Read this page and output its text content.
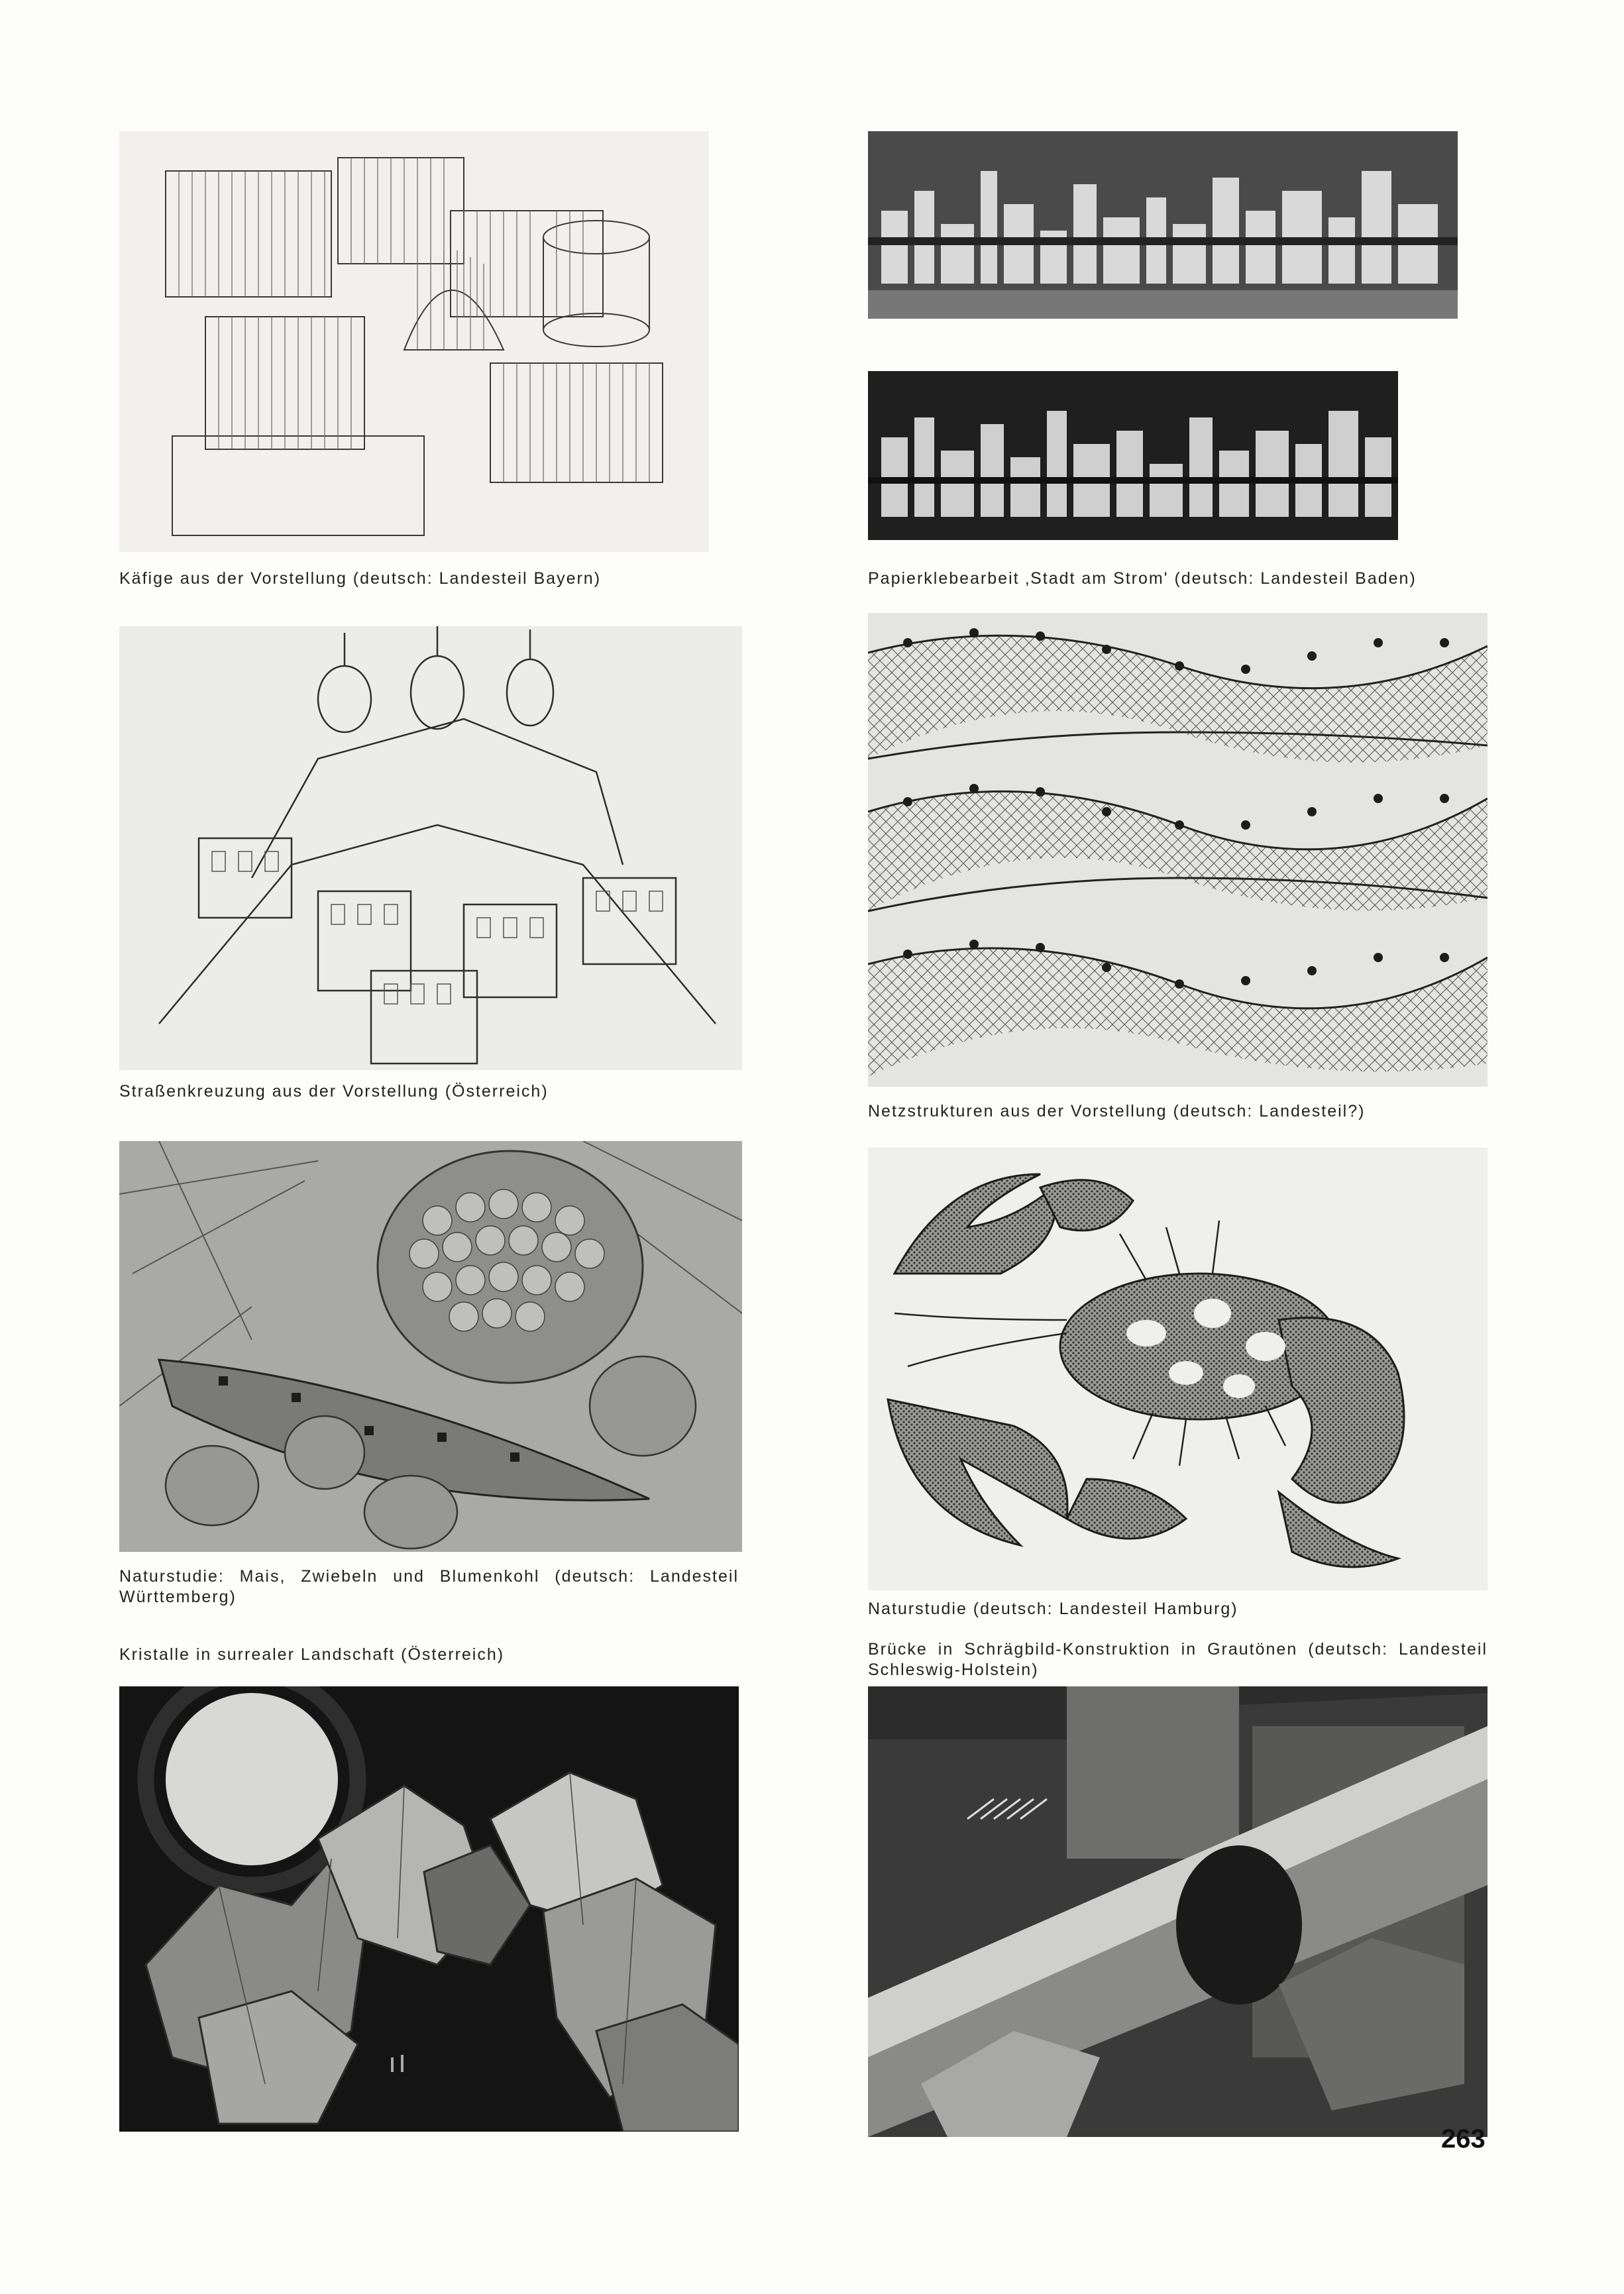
Käfige aus der Vorstellung (deutsch: Landesteil Bayern)	Papierklebearbeit ‚Stadt am Strom' (deutsch: Landesteil Baden)

Straßenkreuzung aus der Vorstellung (Österreich)

Netzstrukturen aus der Vorstellung (deutsch: Landesteil?)

Naturstudie: Mais, Zwiebeln und Blumenkohl (deutsch: Landesteil Württemberg)

Naturstudie (deutsch: Landesteil Hamburg)

Kristalle in surrealer Landschaft (Österreich)	Brücke in Schrägbild-Konstruktion in Grautönen (deutsch: Landesteil Schleswig-Holstein)

263
